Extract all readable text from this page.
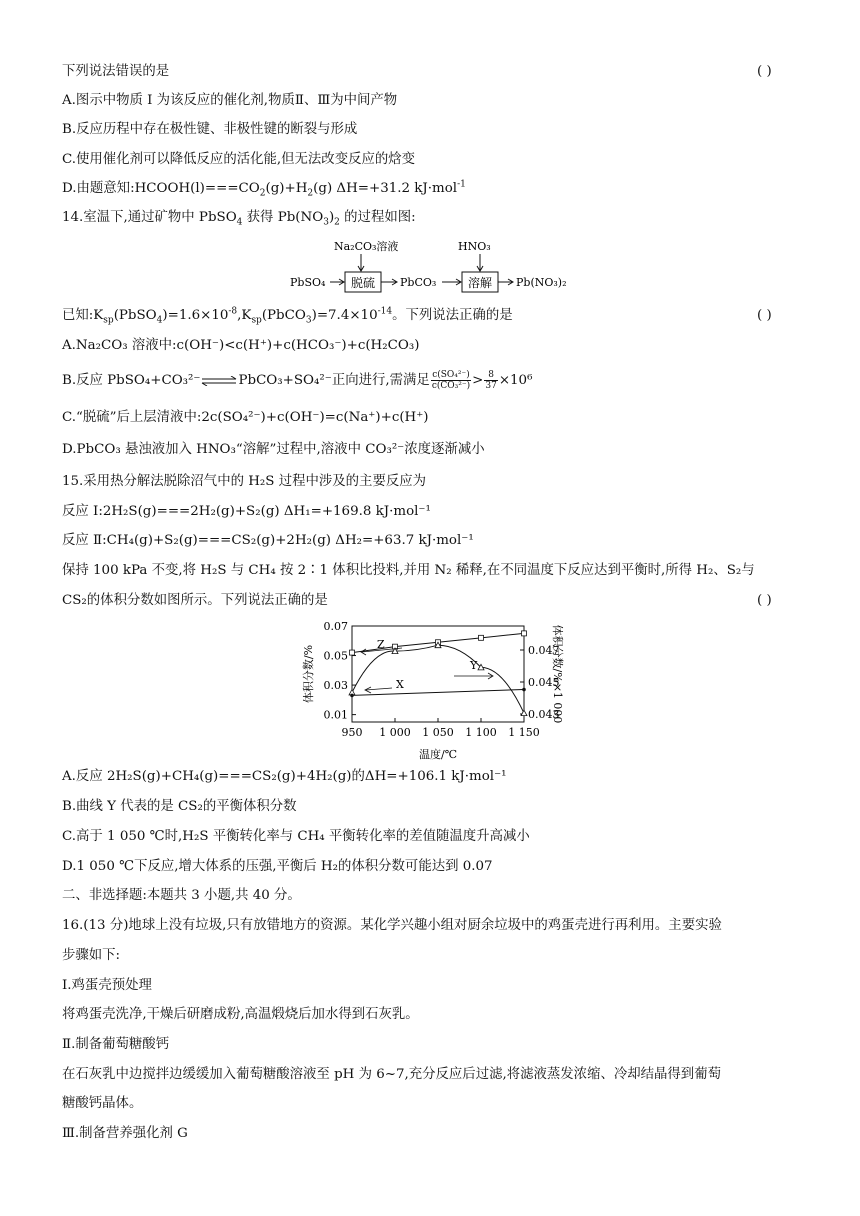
下列说法错误的是	( )
A.图示中物质 Ⅰ 为该反应的催化剂,物质Ⅱ、Ⅲ为中间产物
B.反应历程中存在极性键、非极性键的断裂与形成
C.使用催化剂可以降低反应的活化能,但无法改变反应的焓变
D.由题意知$:HCOOH(l)===CO_2(g)+H_2(g)$ ΔH=+31.2 kJ·mol$^{-1}$
14.室温下,通过矿物中 PbSO$_4$ 获得 $Pb(NO_3)_2$ 的过程如图:
Na₂CO₃溶液	HNO₃
PbSO₄ 脱硫 PbCO₃	溶解 Pb(NO₃)₂
已知$:K_{sp}(PbSO_4)=1.6\times 10^{-8},K_{sp}(PbCO_3)=7.4\times 10^{-14}$。下列说法正确的是	( )
A.Na₂CO₃ 溶液中:c(OH⁻)<c(H⁺)+c(HCO₃⁻)+c(H₂CO₃)
B.反应 PbSO₄+CO₃²⁻⇌PbCO₃+SO₄²⁻正向进行,需满足 $\frac{\text{c(SO₄²⁻)}}{\text{c(CO₃²⁻)}} > \frac{8}{37} \times 10^6$
C.“脱硫”后上层清液中:2c(SO₄²⁻)+c(OH⁻)=c(Na⁺)+c(H⁺)
D.PbCO₃ 悬浊液加入 HNO₃“溶解”过程中,溶液中 CO₃²⁻浓度逐渐减小
15.采用热分解法脱除沼气中的 H₂S 过程中涉及的主要反应为
反应 Ⅰ:2H₂S(g)===2H₂(g)+S₂(g) ΔH₁=+169.8 kJ·mol⁻¹
反应 Ⅱ:CH₄(g)+S₂(g)===CS₂(g)+2H₂(g) ΔH₂=+63.7 kJ·mol⁻¹
保持 100 kPa 不变,将 H₂S 与 CH₄ 按 2∶1 体积比投料,并用 N₂ 稀释,在不同温度下反应达到平衡时,所得 H₂、S₂与
CS₂的体积分数如图所示。下列说法正确的是	( )
0.07
0.05
0.03
0.01
0.047
0.045
0.043
950 1 000 1 050 1 100 1 150
体积分数/%	体积分数/%×1 000
温度/℃
Z
Y
X
A.反应 2H₂S(g)+CH₄(g)===CS₂(g)+4H₂(g)的ΔH=+106.1 kJ·mol⁻¹
B.曲线 Y 代表的是 CS₂的平衡体积分数
C.高于 1 050 ℃时,H₂S 平衡转化率与 CH₄ 平衡转化率的差值随温度升高减小
D.1 050 ℃下反应,增大体系的压强,平衡后 H₂的体积分数可能达到 0.07
二、非选择题:本题共 3 小题,共 40 分。
16.(13 分)地球上没有垃圾,只有放错地方的资源。某化学兴趣小组对厨余垃圾中的鸡蛋壳进行再利用。主要实验
步骤如下:
Ⅰ.鸡蛋壳预处理
将鸡蛋壳洗净,干燥后研磨成粉,高温煅烧后加水得到石灰乳。
Ⅱ.制备葡萄糖酸钙
在石灰乳中边搅拌边缓缓加入葡萄糖酸溶液至 pH 为 6~7,充分反应后过滤,将滤液蒸发浓缩、冷却结晶得到葡萄
糖酸钙晶体。
Ⅲ.制备营养强化剂 G
